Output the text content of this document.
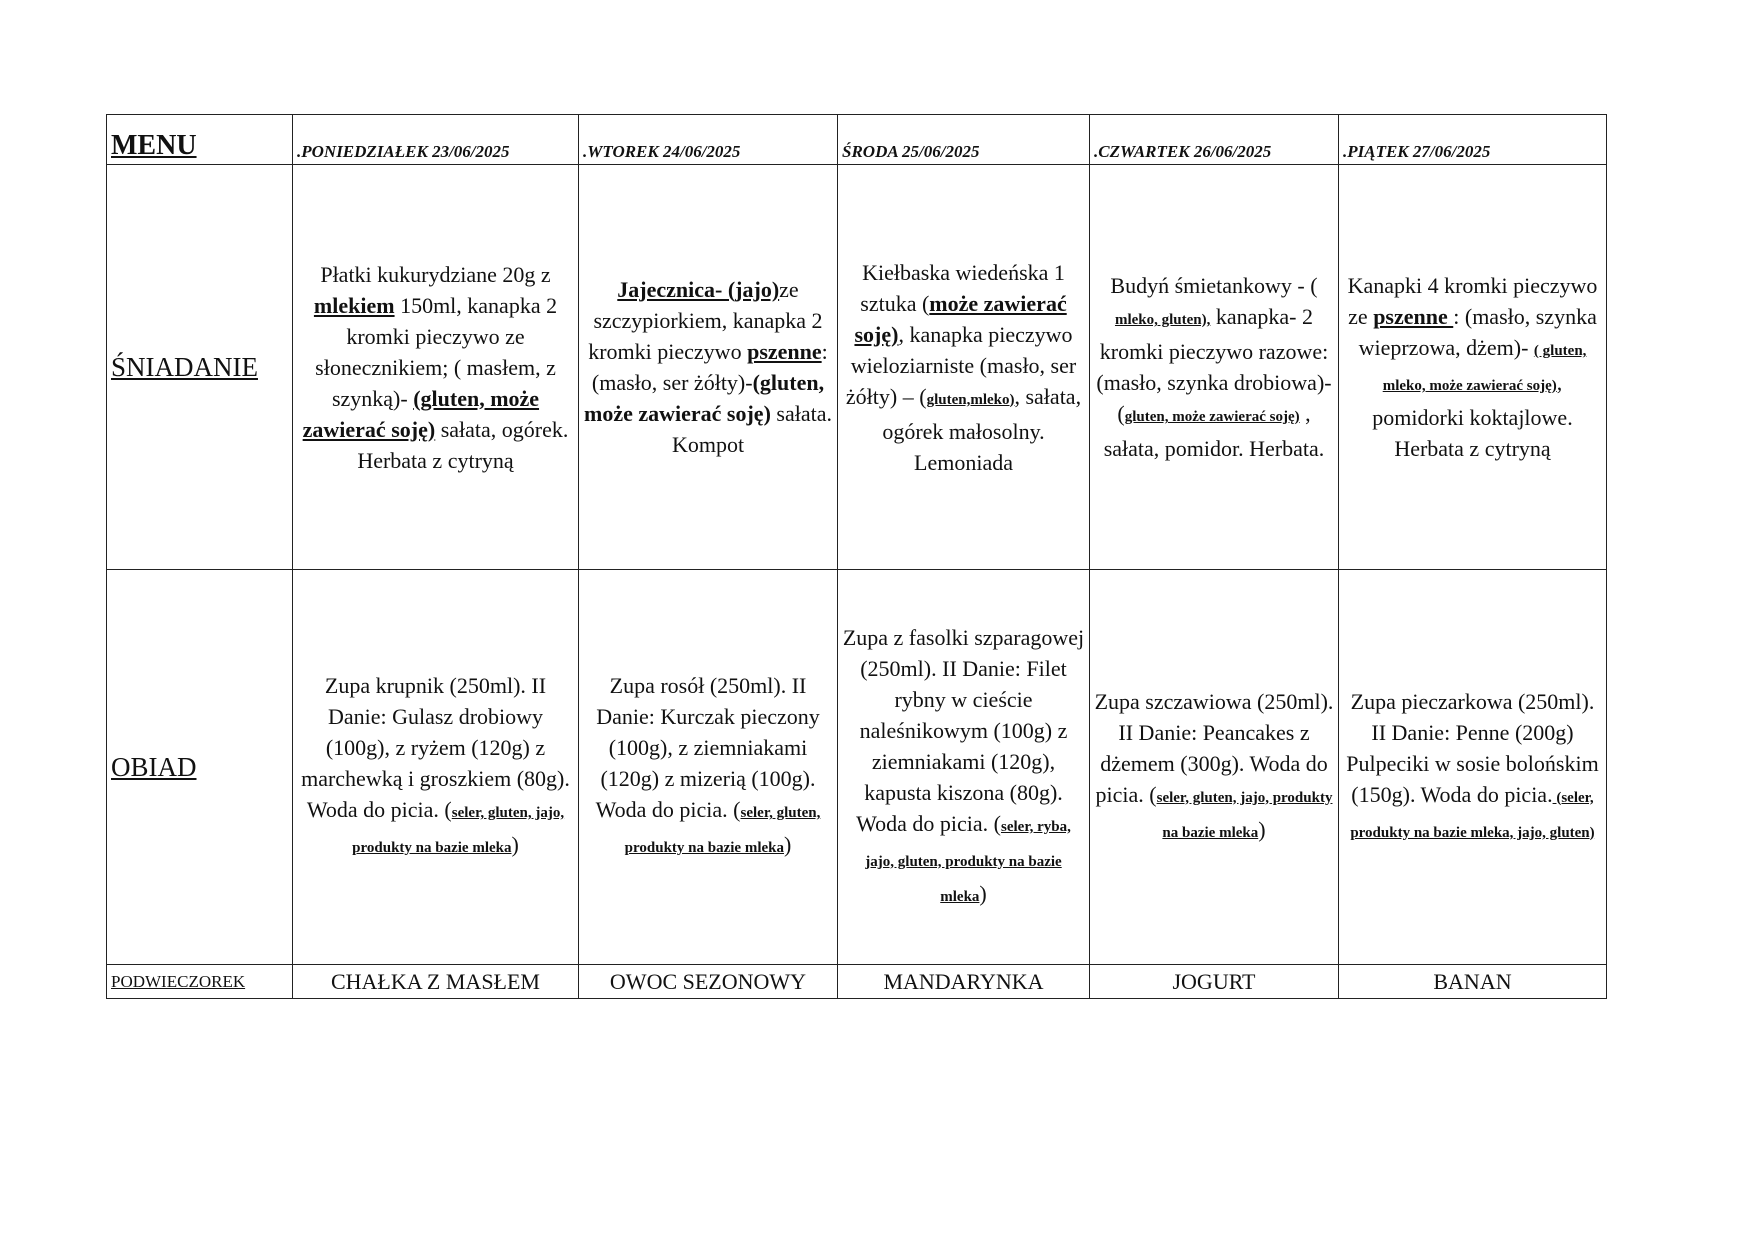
MENU	.PONIEDZIAŁEK 23/06/2025	.WTOREK 24/06/2025	ŚRODA 25/06/2025	.CZWARTEK 26/06/2025	.PIĄTEK 27/06/2025
ŚNIADANIE	Płatki kukurydziane 20g z mlekiem 150ml, kanapka 2 kromki pieczywo ze słonecznikiem; ( masłem, z szynką)- (gluten, może zawierać soję) sałata, ogórek. Herbata z cytryną	Jajecznica- (jajo)ze szczypiorkiem, kanapka 2 kromki pieczywo pszenne: (masło, ser żółty)-(gluten, może zawierać soję) sałata. Kompot	Kiełbaska wiedeńska 1 sztuka (może zawierać soję), kanapka pieczywo wieloziarniste (masło, ser żółty) – (gluten,mleko), sałata, ogórek małosolny. Lemoniada	Budyń śmietankowy - ( mleko, gluten), kanapka- 2 kromki pieczywo razowe: (masło, szynka drobiowa)- (gluten, może zawierać soję) , sałata, pomidor. Herbata.	Kanapki 4 kromki pieczywo ze pszenne : (masło, szynka wieprzowa, dżem)- ( gluten, mleko, może zawierać soję), pomidorki koktajlowe. Herbata z cytryną
OBIAD	Zupa krupnik (250ml). II Danie: Gulasz drobiowy (100g), z ryżem (120g) z marchewką i groszkiem (80g). Woda do picia. (seler, gluten, jajo, produkty na bazie mleka)	Zupa rosół (250ml). II Danie: Kurczak pieczony (100g), z ziemniakami (120g) z mizerią (100g). Woda do picia. (seler, gluten, produkty na bazie mleka)	Zupa z fasolki szparagowej (250ml). II Danie: Filet rybny w cieście naleśnikowym (100g) z ziemniakami (120g), kapusta kiszona (80g). Woda do picia. (seler, ryba, jajo, gluten, produkty na bazie mleka)	Zupa szczawiowa (250ml). II Danie: Peancakes z dżemem (300g). Woda do picia. (seler, gluten, jajo, produkty na bazie mleka)	Zupa pieczarkowa (250ml). II Danie: Penne (200g) Pulpeciki w sosie bolońskim (150g). Woda do picia. (seler, produkty na bazie mleka, jajo, gluten)
PODWIECZOREK	CHAŁKA Z MASŁEM	OWOC SEZONOWY	MANDARYNKA	JOGURT	BANAN
